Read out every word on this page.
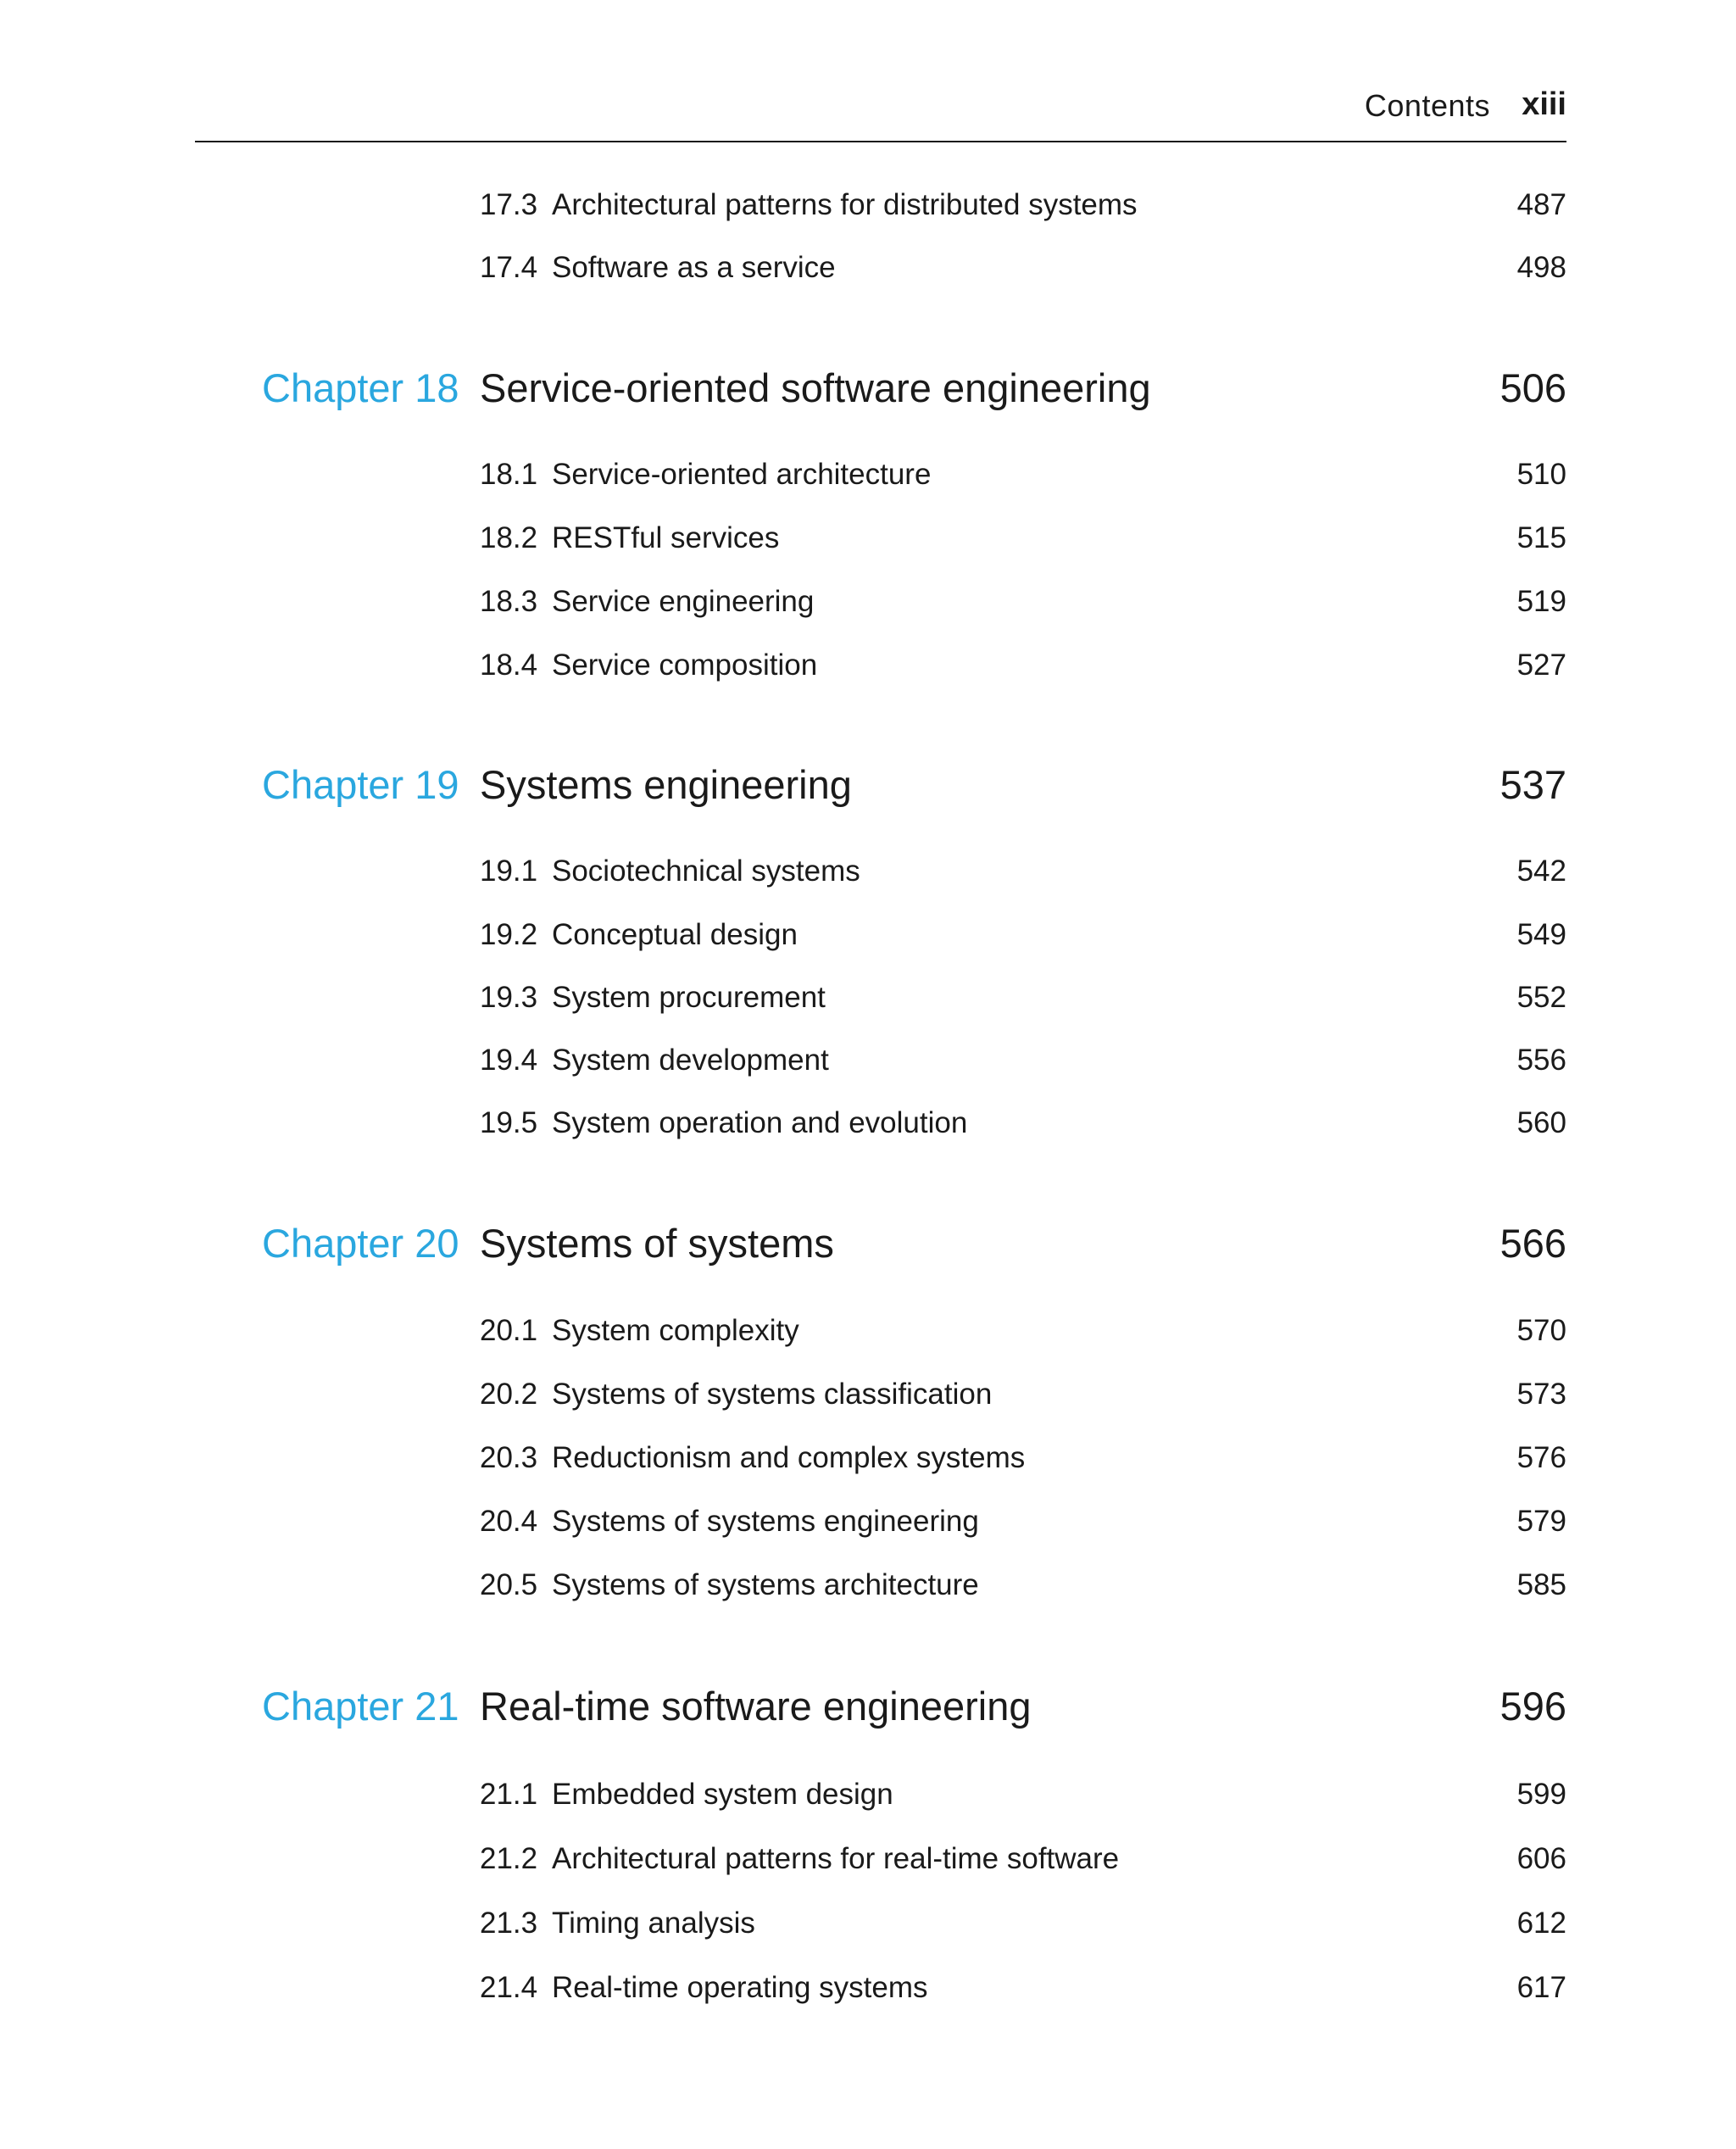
Contents xiii
17.3 Architectural patterns for distributed systems	487
17.4 Software as a service	498
Chapter 18 Service-oriented software engineering	506
18.1 Service-oriented architecture	510
18.2 RESTful services	515
18.3 Service engineering	519
18.4 Service composition	527
Chapter 19 Systems engineering	537
19.1 Sociotechnical systems	542
19.2 Conceptual design	549
19.3 System procurement	552
19.4 System development	556
19.5 System operation and evolution	560
Chapter 20 Systems of systems	566
20.1 System complexity	570
20.2 Systems of systems classification	573
20.3 Reductionism and complex systems	576
20.4 Systems of systems engineering	579
20.5 Systems of systems architecture	585
Chapter 21 Real-time software engineering	596
21.1 Embedded system design	599
21.2 Architectural patterns for real-time software	606
21.3 Timing analysis	612
21.4 Real-time operating systems	617
